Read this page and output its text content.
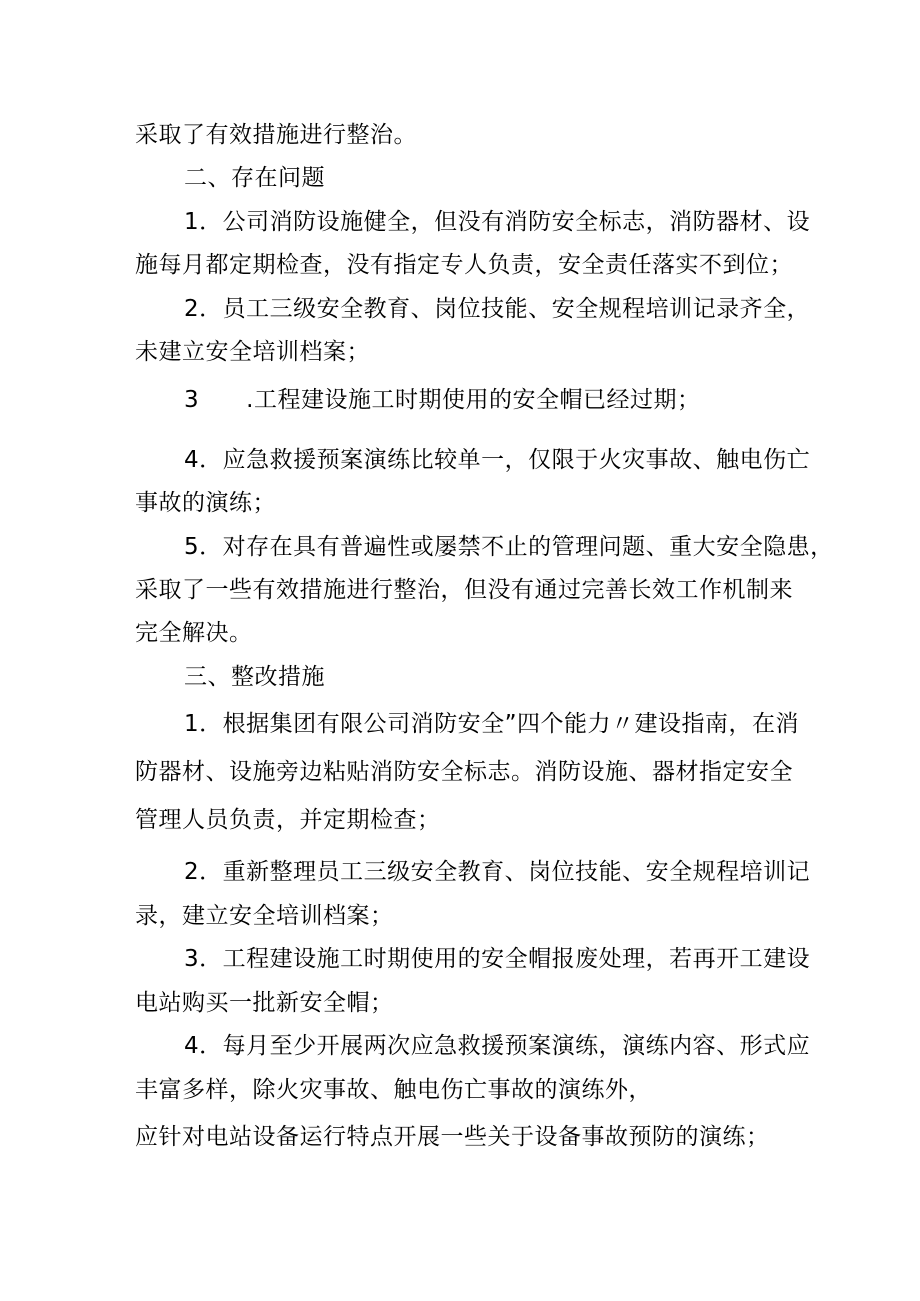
采取了有效措施进行整治。
二、存在问题
1．公司消防设施健全，但没有消防安全标志，消防器材、设
施每月都定期检查，没有指定专人负责，安全责任落实不到位；
2．员工三级安全教育、岗位技能、安全规程培训记录齐全，
未建立安全培训档案；
3　　.工程建设施工时期使用的安全帽已经过期；
4．应急救援预案演练比较单一，仅限于火灾事故、触电伤亡
事故的演练；
5．对存在具有普遍性或屡禁不止的管理问题、重大安全隐患，
采取了一些有效措施进行整治，但没有通过完善长效工作机制来
完全解决。
三、整改措施
1．根据集团有限公司消防安全”四个能力〃建设指南，在消
防器材、设施旁边粘贴消防安全标志。消防设施、器材指定安全
管理人员负责，并定期检查；
2．重新整理员工三级安全教育、岗位技能、安全规程培训记
录，建立安全培训档案；
3．工程建设施工时期使用的安全帽报废处理，若再开工建设
电站购买一批新安全帽；
4．每月至少开展两次应急救援预案演练，演练内容、形式应
丰富多样，除火灾事故、触电伤亡事故的演练外，
应针对电站设备运行特点开展一些关于设备事故预防的演练；
